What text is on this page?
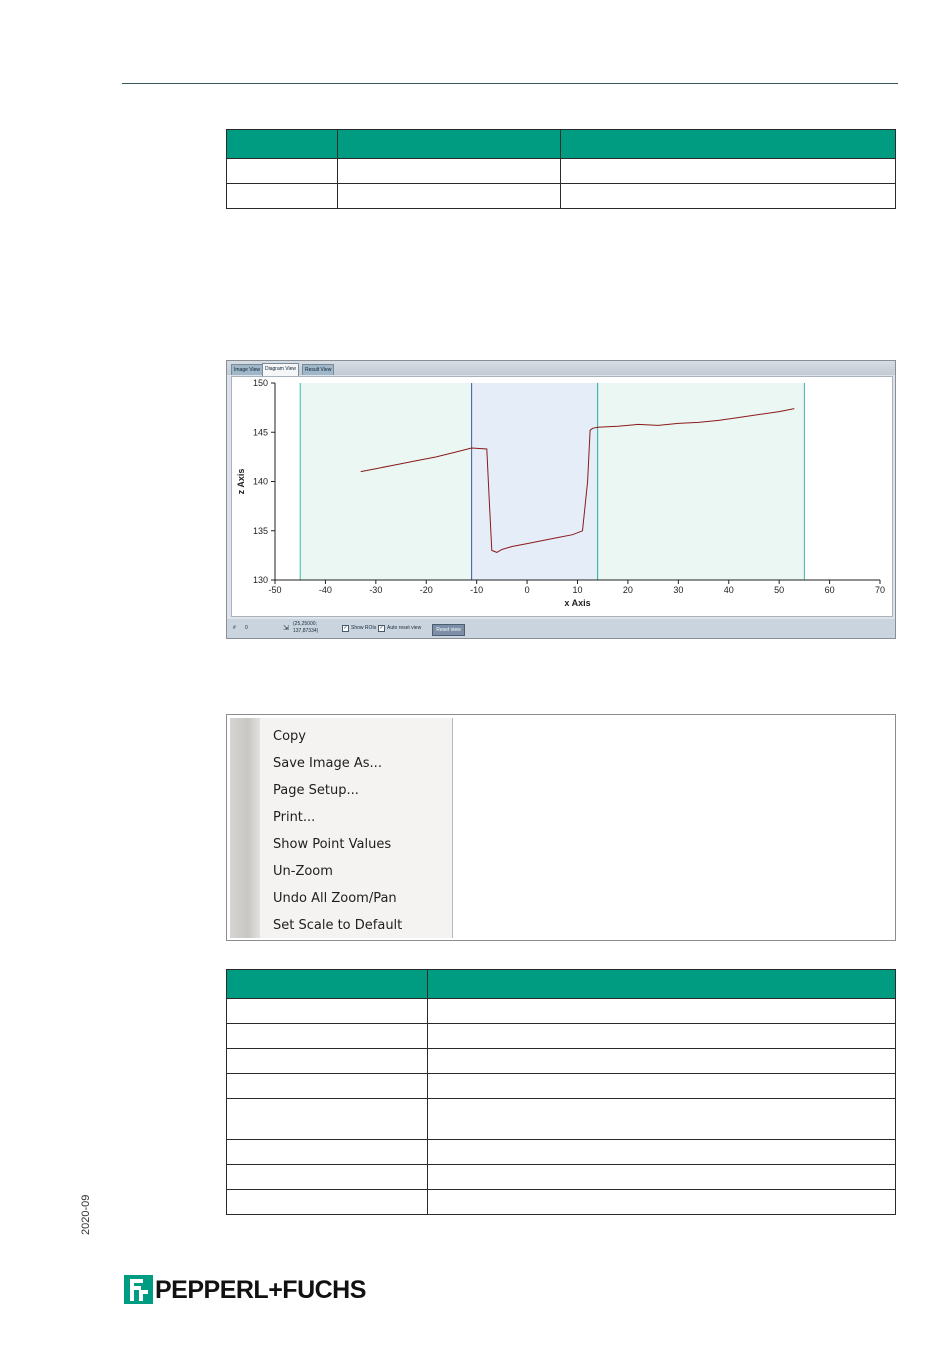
Image View Diagram View	Result View
130
135
140
145
150
-50	-40	-30	-20	-10	0	10	20	30	40	50	60	70
x Axis
z Axis
# 0	⇲
(25,25000;
137,87334)	✓ Show ROIs ✓ Auto reset view	Reset view
Copy
Save Image As...
Page Setup...
Print...
Show Point Values
Un-Zoom
Undo All Zoom/Pan
Set Scale to Default

2020-09
PEPPERL+FUCHS
